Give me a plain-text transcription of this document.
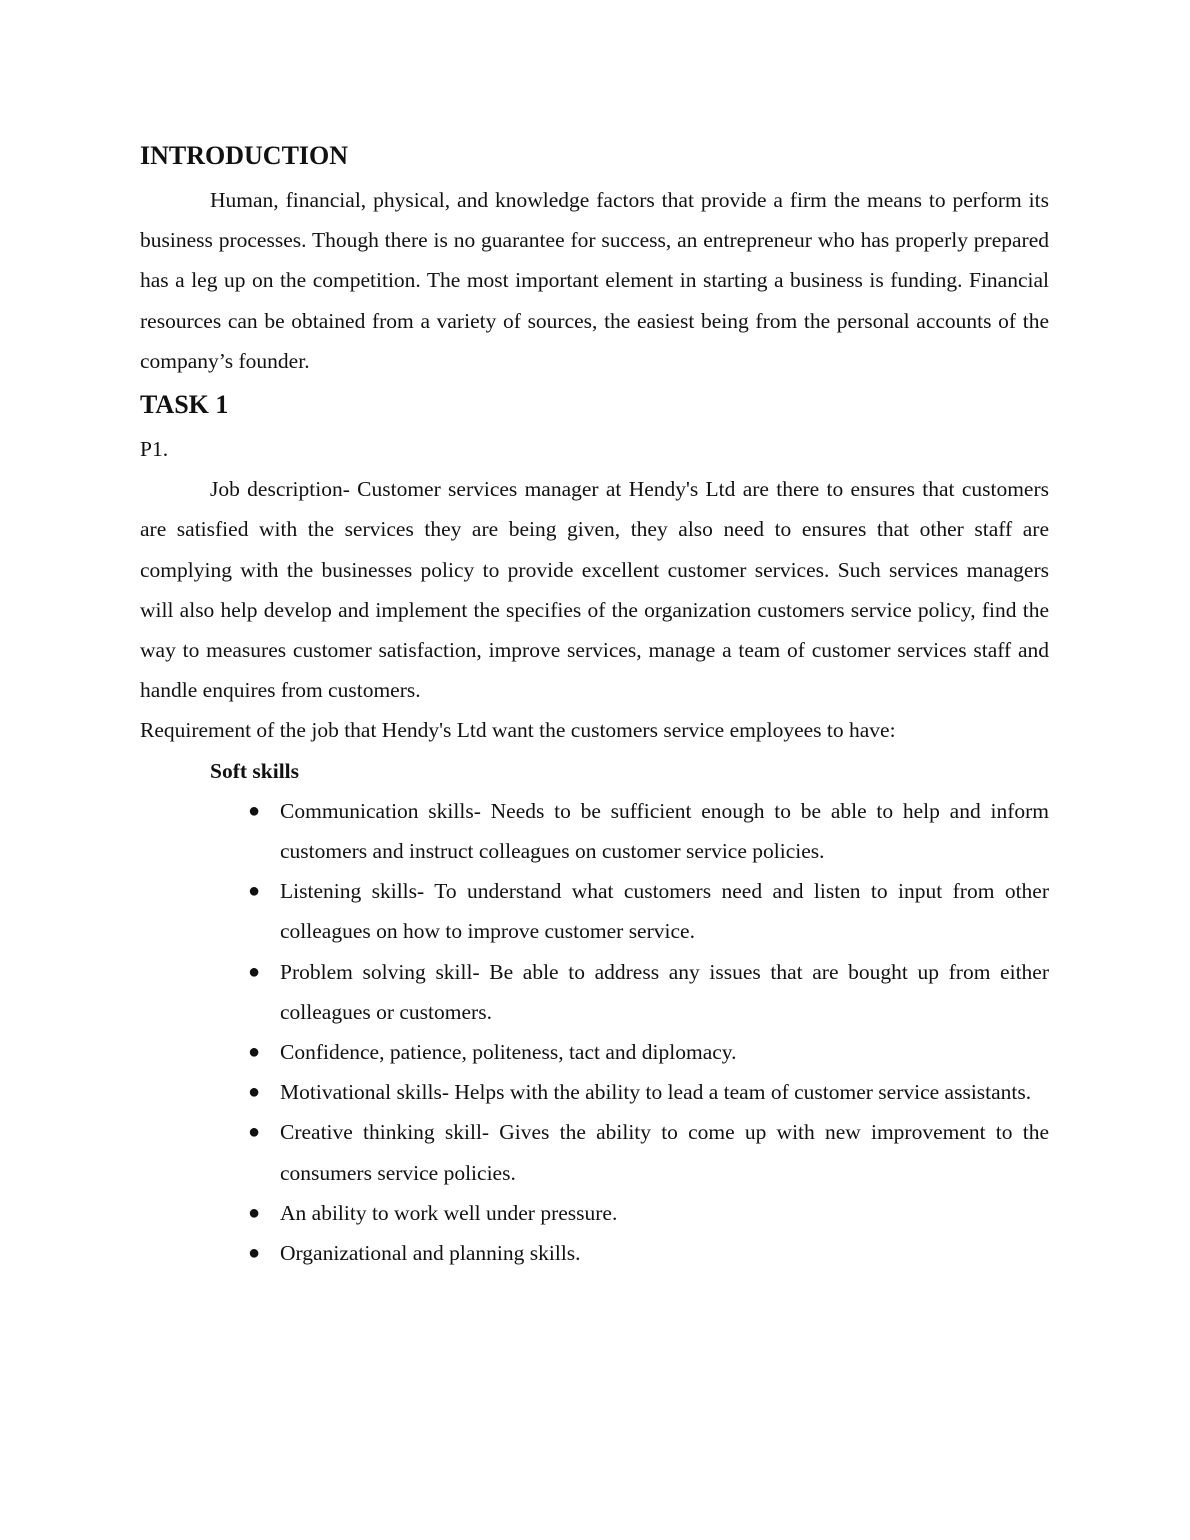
INTRODUCTION

Human, financial, physical, and knowledge factors that provide a firm the means to perform its business processes. Though there is no guarantee for success, an entrepreneur who has properly prepared has a leg up on the competition. The most important element in starting a business is funding. Financial resources can be obtained from a variety of sources, the easiest being from the personal accounts of the company’s founder.

TASK 1

P1.

Job description- Customer services manager at Hendy's Ltd are there to ensures that customers are satisfied with the services they are being given, they also need to ensures that other staff are complying with the businesses policy to provide excellent customer services. Such services managers will also help develop and implement the specifies of the organization customers service policy, find the way to measures customer satisfaction, improve services, manage a team of customer services staff and handle enquires from customers.

Requirement of the job that Hendy's Ltd want the customers service employees to have:

Soft skills
● Communication skills- Needs to be sufficient enough to be able to help and inform customers and instruct colleagues on customer service policies.
● Listening skills- To understand what customers need and listen to input from other colleagues on how to improve customer service.
● Problem solving skill- Be able to address any issues that are bought up from either colleagues or customers.
● Confidence, patience, politeness, tact and diplomacy.
● Motivational skills- Helps with the ability to lead a team of customer service assistants.
● Creative thinking skill- Gives the ability to come up with new improvement to the consumers service policies.
● An ability to work well under pressure.
● Organizational and planning skills.
